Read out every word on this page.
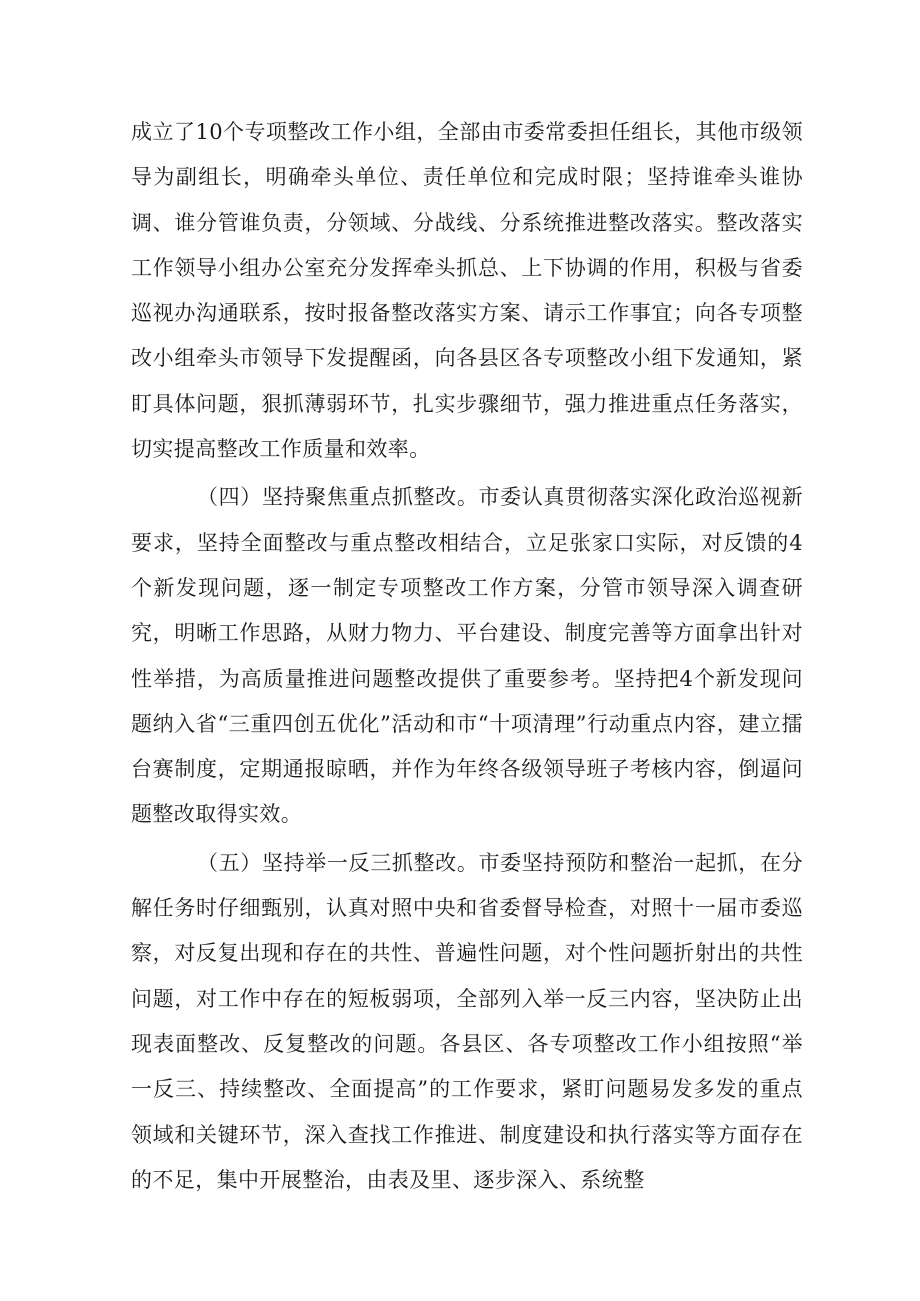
成立了10个专项整改工作小组，全部由市委常委担任组长，其他市级领导为副组长，明确牵头单位、责任单位和完成时限；坚持谁牵头谁协调、谁分管谁负责，分领域、分战线、分系统推进整改落实。整改落实工作领导小组办公室充分发挥牵头抓总、上下协调的作用，积极与省委巡视办沟通联系，按时报备整改落实方案、请示工作事宜；向各专项整改小组牵头市领导下发提醒函，向各县区各专项整改小组下发通知，紧盯具体问题，狠抓薄弱环节，扎实步骤细节，强力推进重点任务落实，切实提高整改工作质量和效率。

（四）坚持聚焦重点抓整改。市委认真贯彻落实深化政治巡视新要求，坚持全面整改与重点整改相结合，立足张家口实际，对反馈的4个新发现问题，逐一制定专项整改工作方案，分管市领导深入调查研究，明晰工作思路，从财力物力、平台建设、制度完善等方面拿出针对性举措，为高质量推进问题整改提供了重要参考。坚持把4个新发现问题纳入省“三重四创五优化”活动和市“十项清理”行动重点内容，建立擂台赛制度，定期通报晾晒，并作为年终各级领导班子考核内容，倒逼问题整改取得实效。

（五）坚持举一反三抓整改。市委坚持预防和整治一起抓，在分解任务时仔细甄别，认真对照中央和省委督导检查，对照十一届市委巡察，对反复出现和存在的共性、普遍性问题，对个性问题折射出的共性问题，对工作中存在的短板弱项，全部列入举一反三内容，坚决防止出现表面整改、反复整改的问题。各县区、各专项整改工作小组按照“举一反三、持续整改、全面提高”的工作要求，紧盯问题易发多发的重点领域和关键环节，深入查找工作推进、制度建设和执行落实等方面存在的不足，集中开展整治，由表及里、逐步深入、系统整
